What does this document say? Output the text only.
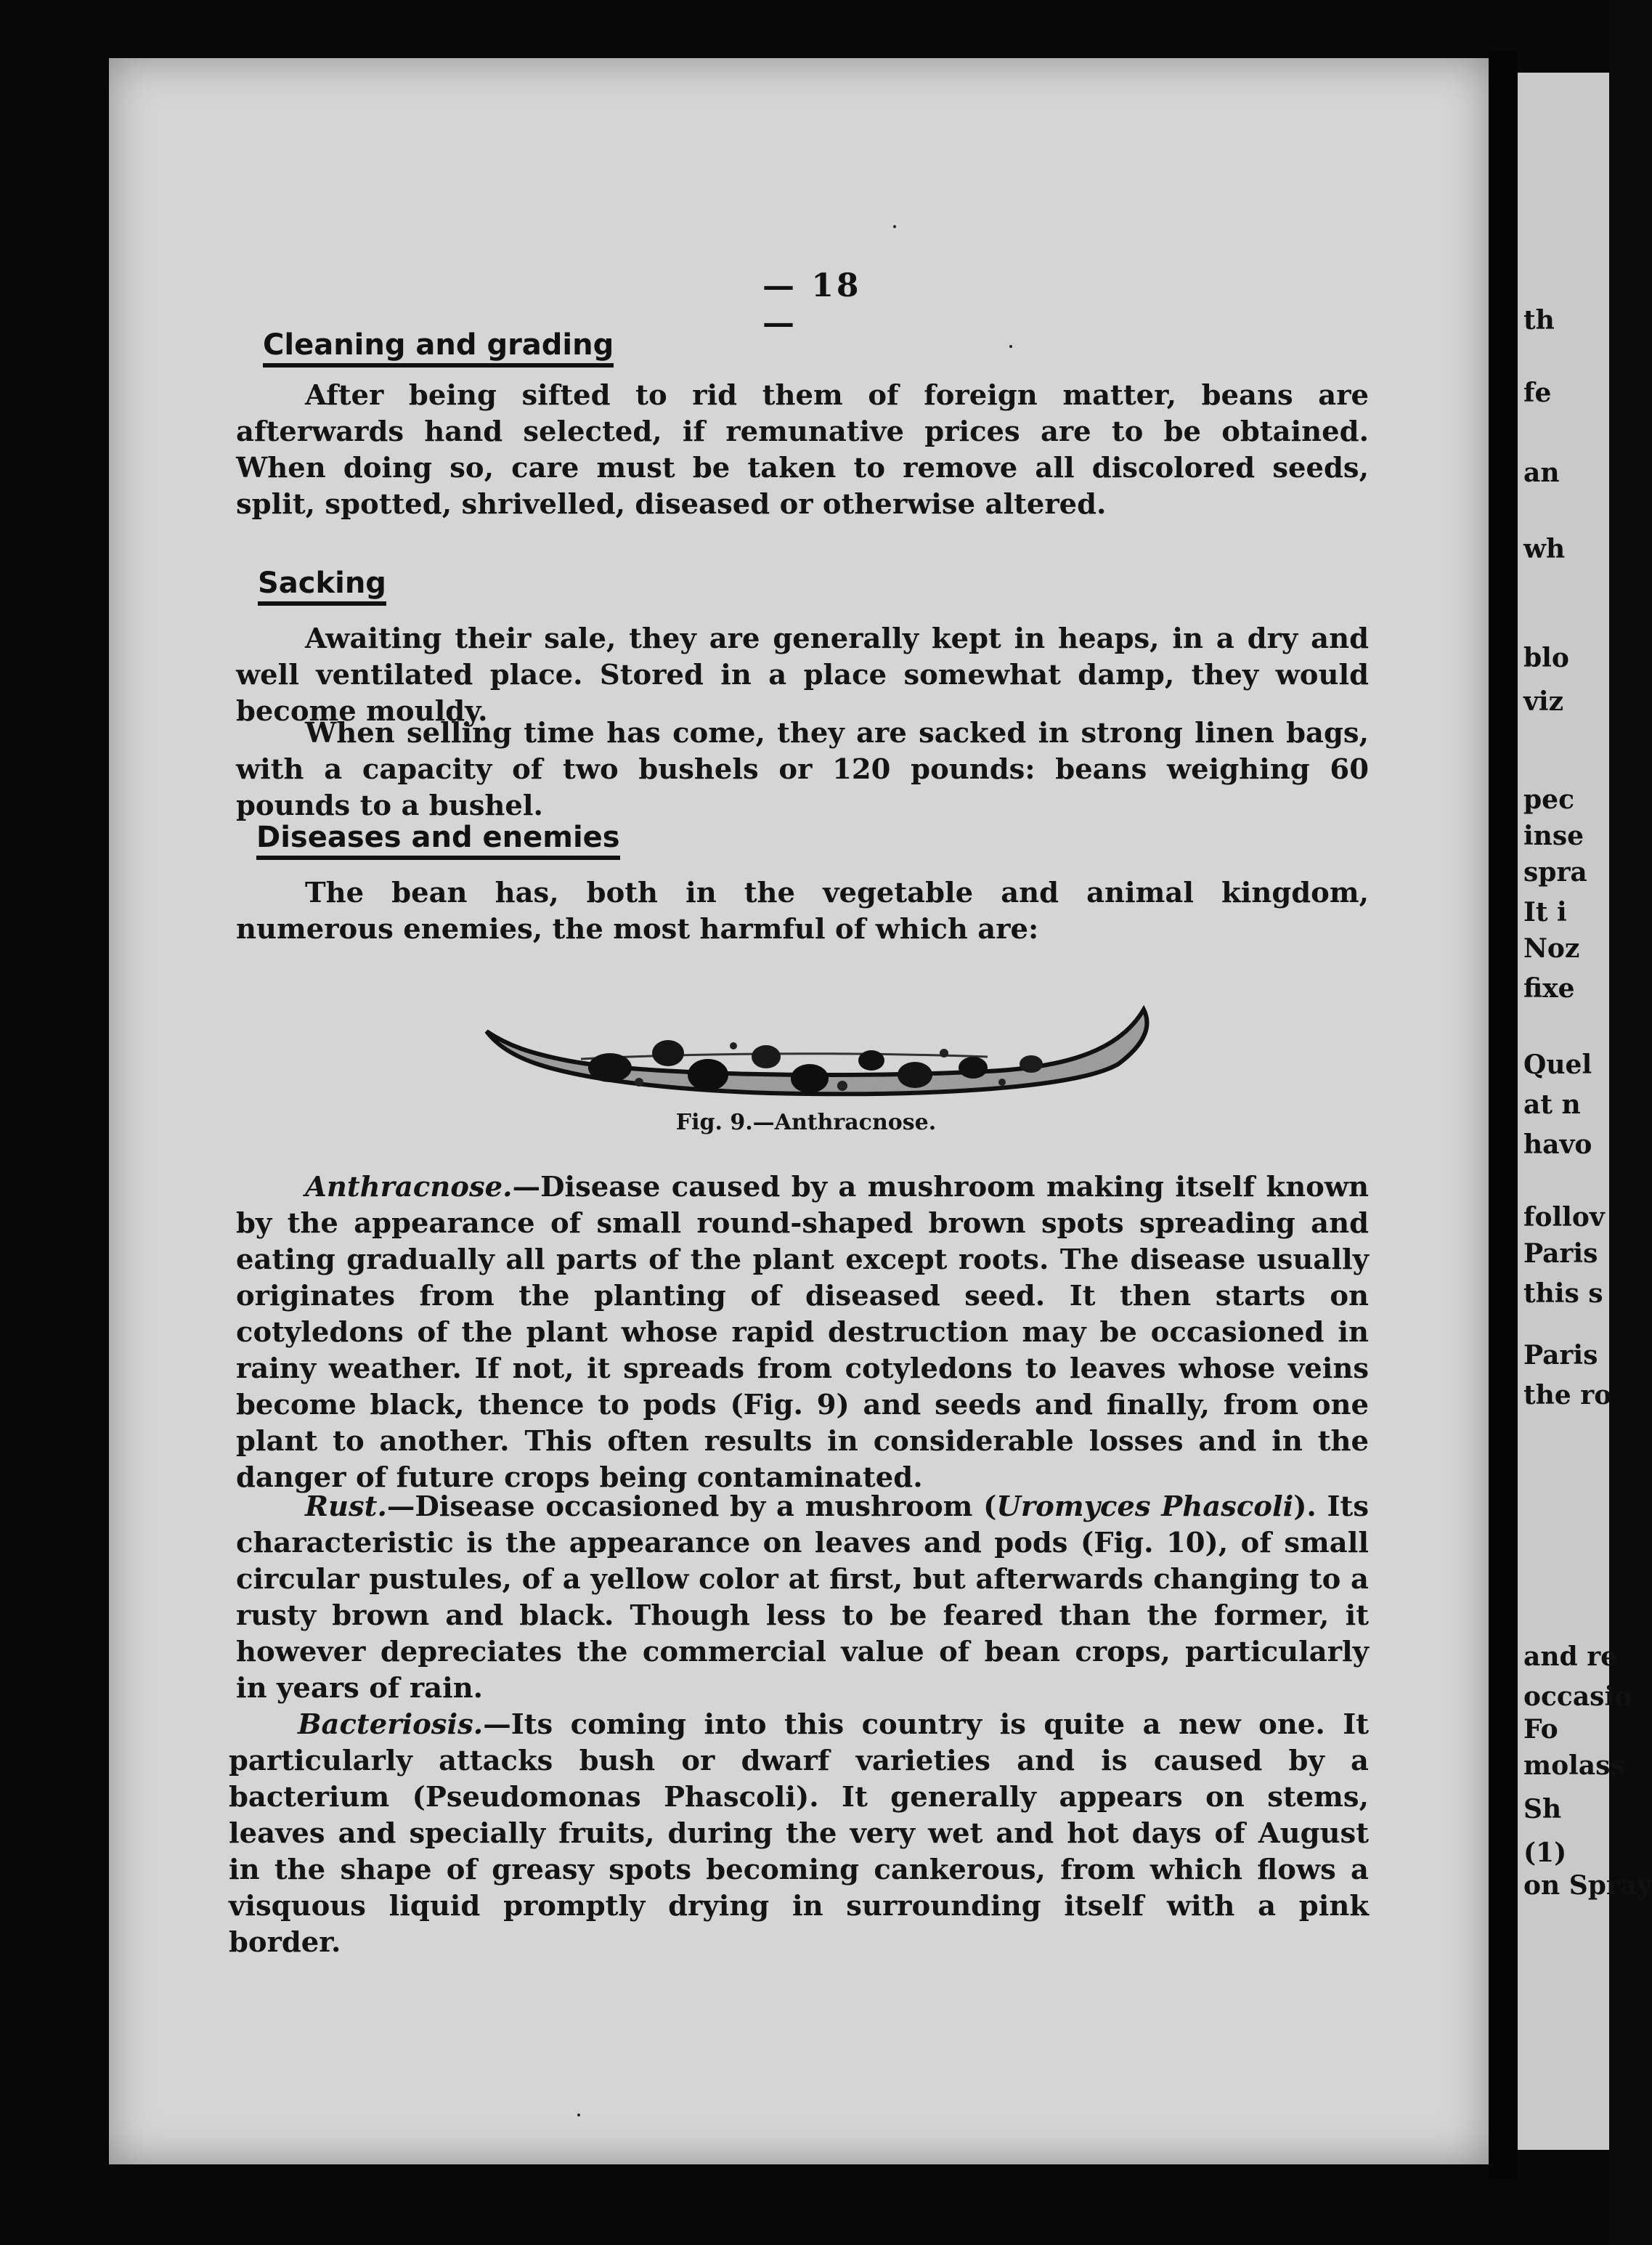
— 18 —
Cleaning and grading

After being sifted to rid them of foreign matter, beans are afterwards hand selected, if remunative prices are to be obtained. When doing so, care must be taken to remove all discolored seeds, split, spotted, shrivelled, diseased or otherwise altered.

Sacking

Awaiting their sale, they are generally kept in heaps, in a dry and well ventilated place. Stored in a place somewhat damp, they would become mouldy.

When selling time has come, they are sacked in strong linen bags, with a capacity of two bushels or 120 pounds: beans weighing 60 pounds to a bushel.

Diseases and enemies

The bean has, both in the vegetable and animal kingdom, numerous enemies, the most harmful of which are:

Fig. 9.—Anthracnose.

Anthracnose.—Disease caused by a mushroom making itself known by the appearance of small round-shaped brown spots spreading and eating gradually all parts of the plant except roots. The disease usually originates from the planting of diseased seed. It then starts on cotyledons of the plant whose rapid destruction may be occasioned in rainy weather. If not, it spreads from cotyledons to leaves whose veins become black, thence to pods (Fig. 9) and seeds and finally, from one plant to another. This often results in considerable losses and in the danger of future crops being contaminated.

Rust.—Disease occasioned by a mushroom (Uromyces Phascoli). Its characteristic is the appearance on leaves and pods (Fig. 10), of small circular pustules, of a yellow color at first, but afterwards changing to a rusty brown and black. Though less to be feared than the former, it however depreciates the commercial value of bean crops, particularly in years of rain.

Bacteriosis.—Its coming into this country is quite a new one. It particularly attacks bush or dwarf varieties and is caused by a bacterium (Pseudomonas Phascoli). It generally appears on stems, leaves and specially fruits, during the very wet and hot days of August in the shape of greasy spots becoming cankerous, from which flows a visquous liquid promptly drying in surrounding itself with a pink border.

th
fe
an
wh
blo
viz
pec
inse
spra
It i
Noz
fixe
Quel
at n
havo
follov
Paris
this s
Paris
the ro
and re
occasio
Fo
molass
Sh
(1)
on Spray
